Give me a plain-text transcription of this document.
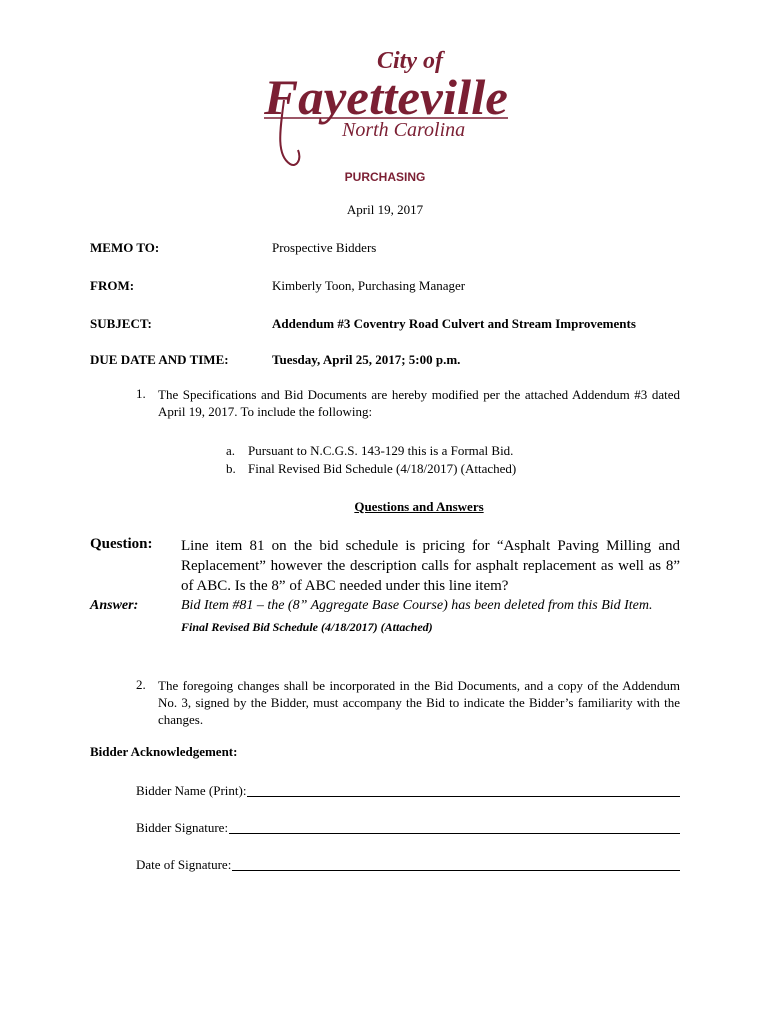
City of
Fayetteville
North Carolina
PURCHASING
April 19, 2017
MEMO TO:	Prospective Bidders
FROM:	Kimberly Toon, Purchasing Manager
SUBJECT:	Addendum #3 Coventry Road Culvert and Stream Improvements
DUE DATE AND TIME:	Tuesday, April 25, 2017; 5:00 p.m.
1. The Specifications and Bid Documents are hereby modified per the attached Addendum #3 dated April 19, 2017. To include the following:
a. Pursuant to N.C.G.S. 143-129 this is a Formal Bid.
b. Final Revised Bid Schedule (4/18/2017) (Attached)
Questions and Answers
Question: Line item 81 on the bid schedule is pricing for “Asphalt Paving Milling and Replacement” however the description calls for asphalt replacement as well as 8” of ABC. Is the 8” of ABC needed under this line item?
Answer:	Bid Item #81 – the (8” Aggregate Base Course) has been deleted from this Bid Item.
Final Revised Bid Schedule (4/18/2017) (Attached)
2. The foregoing changes shall be incorporated in the Bid Documents, and a copy of the Addendum No. 3, signed by the Bidder, must accompany the Bid to indicate the Bidder’s familiarity with the changes.
Bidder Acknowledgement:
Bidder Name (Print):
Bidder Signature:
Date of Signature:
